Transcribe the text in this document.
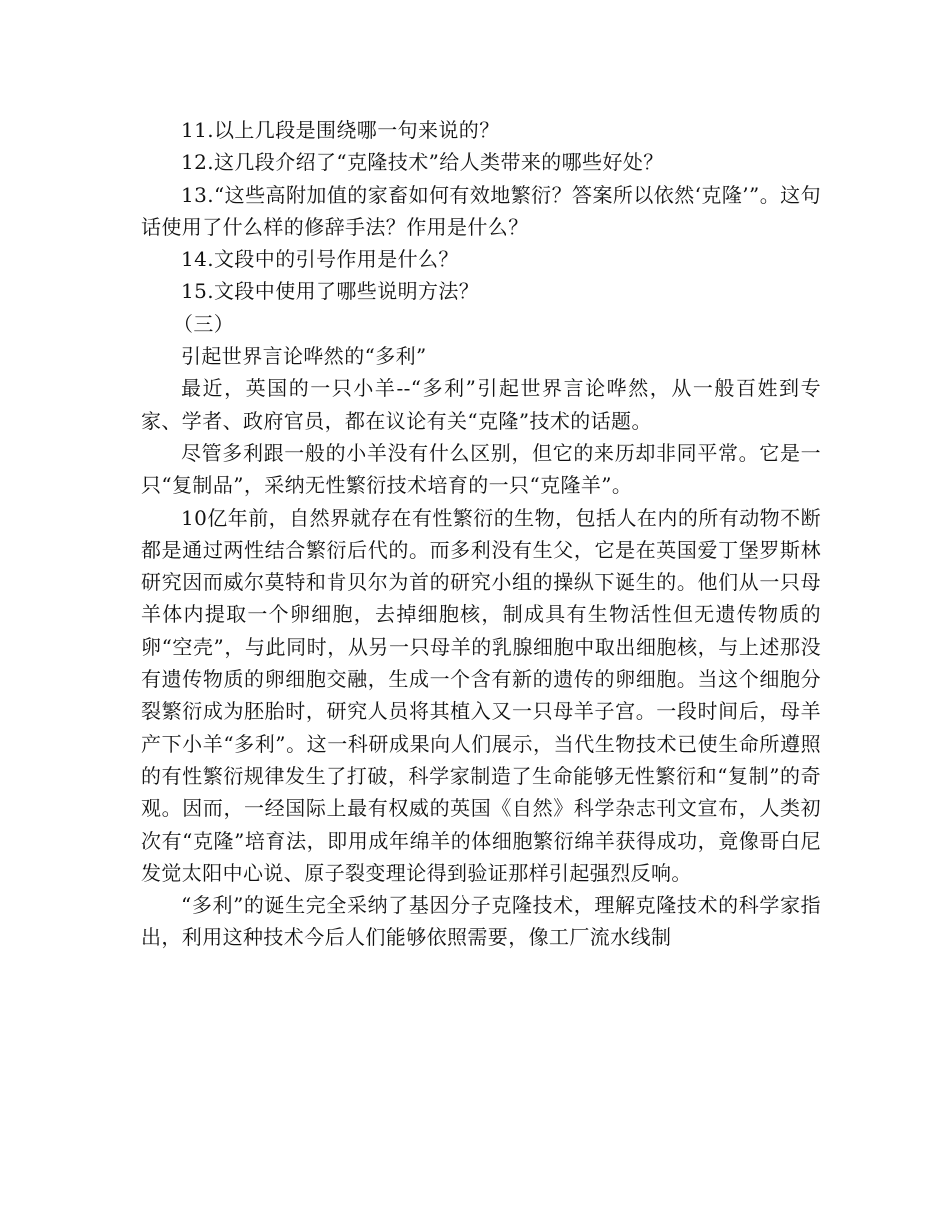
11.以上几段是围绕哪一句来说的？

12.这几段介绍了“克隆技术”给人类带来的哪些好处？

13.“这些高附加值的家畜如何有效地繁衍？答案所以依然‘克隆’”。这句话使用了什么样的修辞手法？作用是什么？

14.文段中的引号作用是什么？

15.文段中使用了哪些说明方法？

（三）

引起世界言论哗然的“多利”

最近，英国的一只小羊--“多利”引起世界言论哗然，从一般百姓到专家、学者、政府官员，都在议论有关“克隆”技术的话题。

尽管多利跟一般的小羊没有什么区别，但它的来历却非同平常。它是一只“复制品”，采纳无性繁衍技术培育的一只“克隆羊”。

10亿年前，自然界就存在有性繁衍的生物，包括人在内的所有动物不断都是通过两性结合繁衍后代的。而多利没有生父，它是在英国爱丁堡罗斯林研究因而威尔莫特和肯贝尔为首的研究小组的操纵下诞生的。他们从一只母羊体内提取一个卵细胞，去掉细胞核，制成具有生物活性但无遗传物质的卵“空壳”，与此同时，从另一只母羊的乳腺细胞中取出细胞核，与上述那没有遗传物质的卵细胞交融，生成一个含有新的遗传的卵细胞。当这个细胞分裂繁衍成为胚胎时，研究人员将其植入又一只母羊子宫。一段时间后，母羊产下小羊“多利”。这一科研成果向人们展示，当代生物技术已使生命所遵照的有性繁衍规律发生了打破，科学家制造了生命能够无性繁衍和“复制”的奇观。因而，一经国际上最有权威的英国《自然》科学杂志刊文宣布，人类初次有“克隆”培育法，即用成年绵羊的体细胞繁衍绵羊获得成功，竟像哥白尼发觉太阳中心说、原子裂变理论得到验证那样引起强烈反响。

“多利”的诞生完全采纳了基因分子克隆技术，理解克隆技术的科学家指出，利用这种技术今后人们能够依照需要，像工厂流水线制
